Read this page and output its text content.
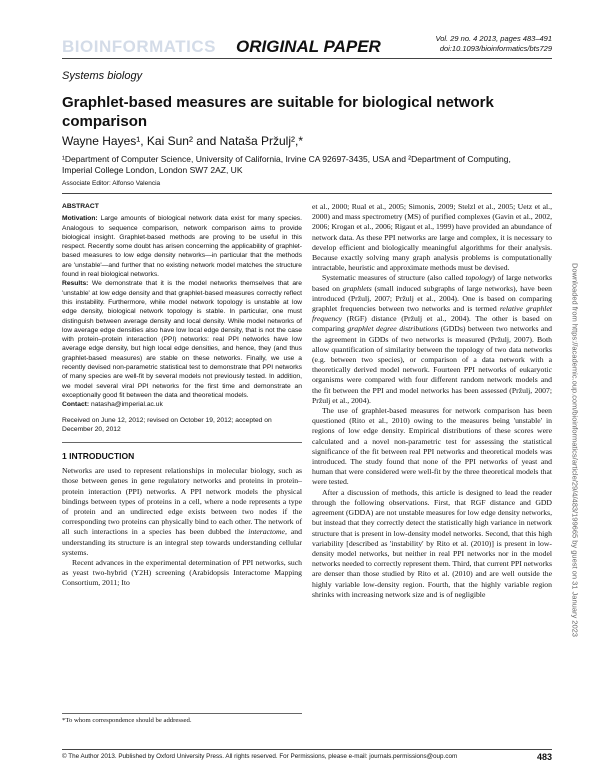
BIOINFORMATICS ORIGINAL PAPER	Vol. 29 no. 4 2013, pages 483–491
doi:10.1093/bioinformatics/bts729
Systems biology
Graphlet-based measures are suitable for biological network comparison
Wayne Hayes¹, Kai Sun² and Nataša Pržulj²,*
¹Department of Computer Science, University of California, Irvine CA 92697-3435, USA and ²Department of Computing, Imperial College London, London SW7 2AZ, UK
Associate Editor: Alfonso Valencia
Downloaded from https://academic.oup.com/bioinformatics/article/29/4/483/199665 by guest on 31 January 2023
ABSTRACT

Motivation: Large amounts of biological network data exist for many species. Analogous to sequence comparison, network comparison aims to provide biological insight. Graphlet-based methods are proving to be useful in this respect. Recently some doubt has arisen concerning the applicability of graphlet-based measures to low edge density networks—in particular that the methods are 'unstable'—and further that no existing network model matches the structure found in real biological networks.

Results: We demonstrate that it is the model networks themselves that are 'unstable' at low edge density and that graphlet-based measures correctly reflect this instability. Furthermore, while model network topology is unstable at low edge density, biological network topology is stable. In particular, one must distinguish between average density and local density. While model networks of low average edge densities also have low local edge density, that is not the case with protein–protein interaction (PPI) networks: real PPI networks have low average edge density, but high local edge densities, and hence, they (and thus graphlet-based measures) are stable on these networks. Finally, we use a recently devised non-parametric statistical test to demonstrate that PPI networks of many species are well-fit by several models not previously tested. In addition, we model several viral PPI networks for the first time and demonstrate an exceptionally good fit between the data and theoretical models.

Contact: natasha@imperial.ac.uk

Received on June 12, 2012; revised on October 19, 2012; accepted on December 20, 2012

1 INTRODUCTION

Networks are used to represent relationships in molecular biology, such as those between genes in gene regulatory networks and proteins in protein–protein interaction (PPI) networks. A PPI network models the physical bindings between types of proteins in a cell, where a node represents a type of protein and an undirected edge exists between two nodes if the corresponding two proteins can physically bind to each other. The network of all such interactions in a species has been dubbed the interactome, and understanding its structure is an integral step towards understanding cellular systems.

Recent advances in the experimental determination of PPI networks, such as yeast two-hybrid (Y2H) screening (Arabidopsis Interactome Mapping Consortium, 2011; Ito

et al., 2000; Rual et al., 2005; Simonis, 2009; Stelzl et al., 2005; Uetz et al., 2000) and mass spectrometry (MS) of purified complexes (Gavin et al., 2002, 2006; Krogan et al., 2006; Rigaut et al., 1999) have provided an abundance of network data. As these PPI networks are large and complex, it is necessary to develop efficient and biologically meaningful algorithms for their analysis. Because exactly solving many graph analysis problems is computationally intractable, heuristic and approximate methods must be devised.

Systematic measures of structure (also called topology) of large networks based on graphlets (small induced subgraphs of large networks), have been introduced (Pržulj, 2007; Pržulj et al., 2004). One is based on comparing graphlet frequencies between two networks and is termed relative graphlet frequency (RGF) distance (Pržulj et al., 2004). The other is based on comparing graphlet degree distributions (GDDs) between two networks and the agreement in GDDs of two networks is measured (Pržulj, 2007). Both allow quantification of similarity between the topology of two data networks (e.g. between two species), or comparison of a data network with a theoretically derived model network. Fourteen PPI networks of eukaryotic organisms were compared with four different random network models and the fit between the PPI and model networks has been assessed (Pržulj, 2007; Pržulj et al., 2004).

The use of graphlet-based measures for network comparison has been questioned (Rito et al., 2010) owing to the measures being 'unstable' in regions of low edge density. Empirical distributions of these scores were calculated and a novel non-parametric test for assessing the statistical significance of the fit between real PPI networks and theoretical models was introduced. The study found that none of the PPI networks of yeast and human that were considered were well-fit by the three theoretical models that were tested.

After a discussion of methods, this article is designed to lead the reader through the following observations. First, that RGF distance and GDD agreement (GDDA) are not unstable measures for low edge density networks, but instead that they correctly detect the statistically high variance in network structure that is present in low-density model networks. Second, that this high variability [described as 'instability' by Rito et al. (2010)] is present in low-density model networks, but neither in real PPI networks nor in the model networks needed to correctly represent them. Third, that current PPI networks are denser than those studied by Rito et al. (2010) and are well outside the highly variable low-density region. Fourth, that the highly variable region shrinks with increasing network size and is of negligible

*To whom correspondence should be addressed.
© The Author 2013. Published by Oxford University Press. All rights reserved. For Permissions, please e-mail: journals.permissions@oup.com	483
